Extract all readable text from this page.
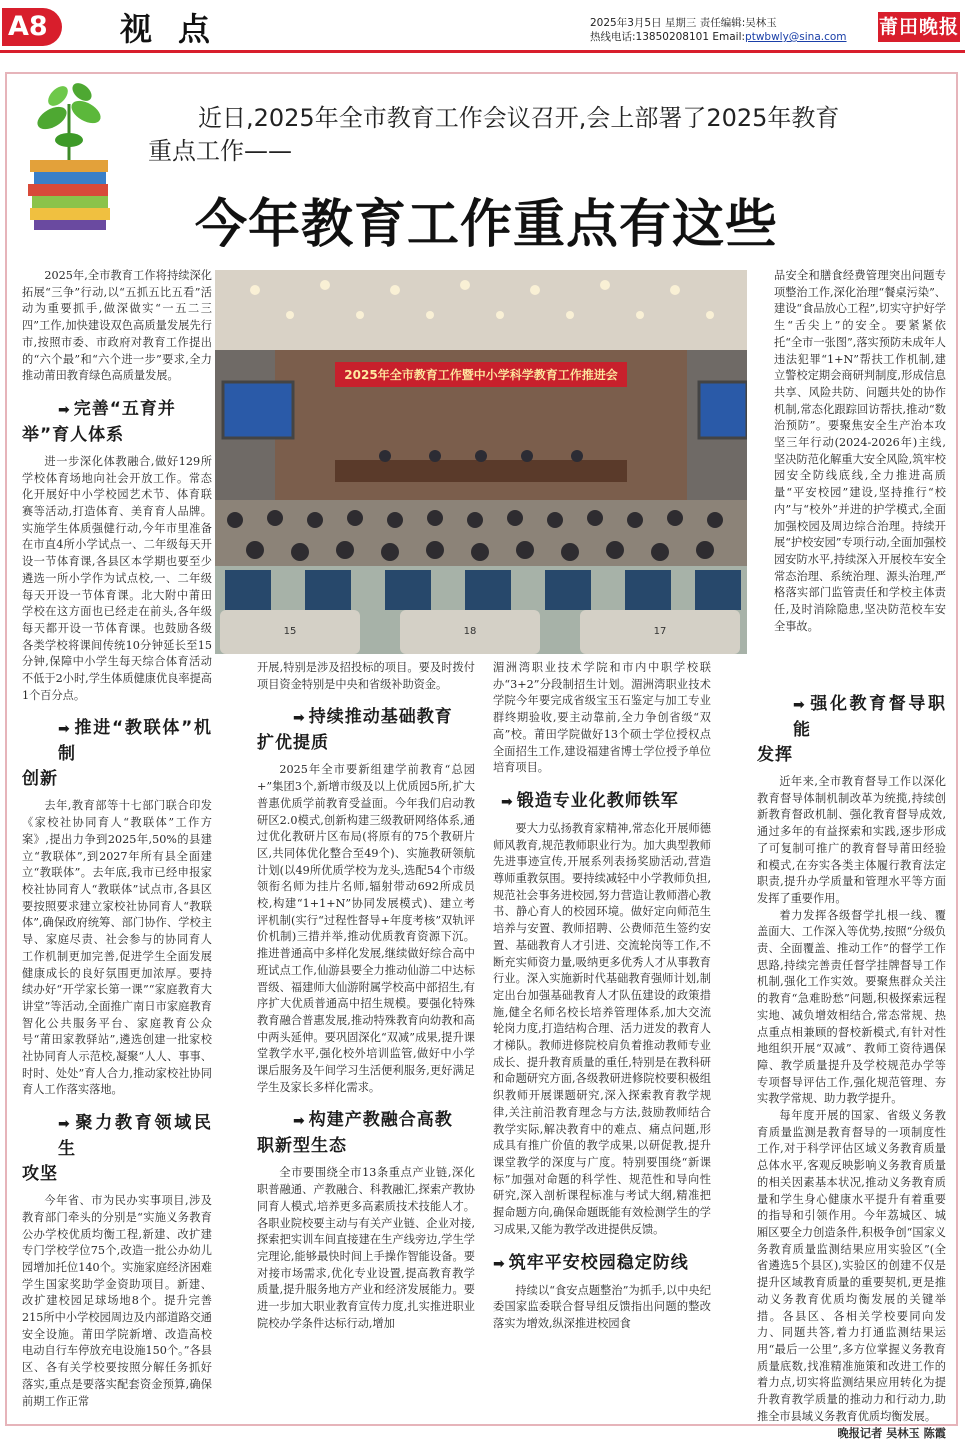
A8	视点	2025年3月5日 星期三 责任编辑:吴林玉
热线电话:13850208101 Email:ptwbwly@sina.com 莆田晚报
近日,2025年全市教育工作会议召开,会上部署了2025年教育重点工作——
今年教育工作重点有这些
2025年全市教育工作暨中小学科学教育工作推进会
15	18	17

2025年,全市教育工作将持续深化拓展“三争”行动,以“五抓五比五看”活动为重要抓手,做深做实“一五二三四”工作,加快建设双色高质量发展先行市,按照市委、市政府对教育工作提出的“六个最”和“六个进一步”要求,全力推动莆田教育绿色高质量发展。

➡ 完善“五育并
举”育人体系

进一步深化体教融合,做好129所学校体育场地向社会开放工作。常态化开展好中小学校园艺术节、体育联赛等活动,打造体育、美育育人品牌。实施学生体质强健行动,今年市里准备在市直4所小学试点一、二年级每天开设一节体育课,各县区本学期也要至少遴选一所小学作为试点校,一、二年级每天开设一节体育课。北大附中莆田学校在这方面也已经走在前头,各年级每天都开设一节体育课。也鼓励各级各类学校将课间传统10分钟延长至15分钟,保障中小学生每天综合体育活动不低于2小时,学生体质健康优良率提高1个百分点。

➡ 推进“教联体”机制
创新

去年,教育部等十七部门联合印发《家校社协同育人“教联体”工作方案》,提出力争到2025年,50%的县建立“教联体”,到2027年所有县全面建立“教联体”。去年底,我市已经申报家校社协同育人“教联体”试点市,各县区要按照要求建立家校社协同育人“教联体”,确保政府统筹、部门协作、学校主导、家庭尽责、社会参与的协同育人工作机制更加完善,促进学生全面发展健康成长的良好氛围更加浓厚。要持续办好“开学家长第一课”“家庭教育大讲堂”等活动,全面推广南日市家庭教育智化公共服务平台、家庭教育公众号“莆田家教驿站”,遴选创建一批家校社协同育人示范校,凝聚“人人、事事、时时、处处”育人合力,推动家校社协同育人工作落实落地。

➡ 聚力教育领域民生
攻坚

今年省、市为民办实事项目,涉及教育部门牵头的分别是“实施义务教育公办学校优质均衡工程,新建、改扩建专门学校学位75个,改造一批公办幼儿园增加托位140个。实施家庭经济困难学生国家奖助学金资助项目。新建、改扩建校园足球场地8个。提升完善215所中小学校园周边及内部道路交通安全设施。莆田学院新增、改造高校电动自行车停放充电设施150个。”各县区、各有关学校要按照分解任务抓好落实,重点是要落实配套资金预算,确保前期工作正常

开展,特别是涉及招投标的项目。要及时拨付项目资金特别是中央和省级补助资金。

➡ 持续推动基础教育
扩优提质

2025年全市要新组建学前教育“总园+”集团3个,新增市级及以上优质园5所,扩大普惠优质学前教育受益面。今年我们启动教研区2.0模式,创新构建三级教研网络体系,通过优化教研片区布局(将原有的75个教研片区,共同体优化整合至49个)、实施教研领航计划(以49所优质学校为龙头,选配54个市级领衔名师为挂片名师,辐射带动692所成员校,构建“1+1+N”协同发展模式)、建立考评机制(实行“过程性督导+年度考核”双轨评价机制)三措并举,推动优质教育资源下沉。推进普通高中多样化发展,继续做好综合高中班试点工作,仙游县要全力推动仙游二中达标晋级、福建师大仙游附属学校高中部招生,有序扩大优质普通高中招生规模。要强化特殊教育融合普惠发展,推动特殊教育向幼教和高中两头延伸。要巩固深化“双减”成果,提升课堂教学水平,强化校外培训监管,做好中小学课后服务及午间学习生活便利服务,更好满足学生及家长多样化需求。

➡ 构建产教融合高教
职新型生态

全市要围绕全市13条重点产业链,深化职普融通、产教融合、科教融汇,探索产教协同育人模式,培养更多高素质技术技能人才。各职业院校要主动与有关产业链、企业对接,探索把实训车间直接建在生产线旁边,学生学完理论,能够最快时间上手操作智能设备。要对接市场需求,优化专业设置,提高教育教学质量,提升服务地方产业和经济发展能力。要进一步加大职业教育宣传力度,扎实推进职业院校办学条件达标行动,增加

湄洲湾职业技术学院和市内中职学校联办“3+2”分段制招生计划。湄洲湾职业技术学院今年要完成省级宝玉石鉴定与加工专业群终期验收,要主动靠前,全力争创省级“双高”校。莆田学院做好13个硕士学位授权点全面招生工作,建设福建省博士学位授予单位培育项目。

➡ 锻造专业化教师铁军

要大力弘扬教育家精神,常态化开展师德师风教育,规范教师职业行为。加大典型教师先进事迹宣传,开展系列表扬奖励活动,营造尊师重教氛围。要持续减轻中小学教师负担,规范社会事务进校园,努力营造让教师潜心教书、静心育人的校园环境。做好定向师范生培养与安置、教师招聘、公费师范生签约安置、基础教育人才引进、交流轮岗等工作,不断充实师资力量,吸纳更多优秀人才从事教育行业。深入实施新时代基础教育强师计划,制定出台加强基础教育人才队伍建设的政策措施,健全名师名校长培养管理体系,加大交流轮岗力度,打造结构合理、活力迸发的教育人才梯队。教师进修院校肩负着推动教师专业成长、提升教育质量的重任,特别是在教科研和命题研究方面,各级教研进修院校要积极组织教师开展课题研究,深入探索教育教学规律,关注前沿教育理念与方法,鼓励教师结合教学实际,解决教育中的难点、痛点问题,形成具有推广价值的教学成果,以研促教,提升课堂教学的深度与广度。特别要围绕“新课标”加强对命题的科学性、规范性和导向性研究,深入剖析课程标准与考试大纲,精准把握命题方向,确保命题既能有效检测学生的学习成果,又能为教学改进提供反馈。

➡ 筑牢平安校园稳定防线

持续以“食安点题整治”为抓手,以中央纪委国家监委联合督导组反馈指出问题的整改落实为增效,纵深推进校园食

品安全和膳食经费管理突出问题专项整治工作,深化治理“餐桌污染”、建设“食品放心工程”,切实守护好学生“舌尖上”的安全。要紧紧依托“全市一张图”,落实预防未成年人违法犯罪“1+N”帮扶工作机制,建立警校定期会商研判制度,形成信息共享、风险共防、问题共处的协作机制,常态化跟踪回访帮扶,推动“数治预防”。要聚焦安全生产治本攻坚三年行动(2024-2026年)主线,坚决防范化解重大安全风险,筑牢校园安全防线底线,全力推进高质量“平安校园”建设,坚持推行“校内”与“校外”并进的护学模式,全面加强校园及周边综合治理。持续开展“护校安园”专项行动,全面加强校园安防水平,持续深入开展校车安全常态治理、系统治理、源头治理,严格落实部门监管责任和学校主体责任,及时消除隐患,坚决防范校车安全事故。

➡ 强化教育督导职能
发挥

近年来,全市教育督导工作以深化教育督导体制机制改革为统揽,持续创新教育督政机制、强化教育督导成效,通过多年的有益探索和实践,逐步形成了可复制可推广的教育督导莆田经验和模式,在夯实各类主体履行教育法定职责,提升办学质量和管理水平等方面发挥了重要作用。

着力发挥各级督学扎根一线、覆盖面大、工作深入等优势,按照“分级负责、全面覆盖、推动工作”的督学工作思路,持续完善责任督学挂牌督导工作机制,强化工作实效。要聚焦群众关注的教育“急难盼愁”问题,积极探索远程实地、减负增效相结合,常态常规、热点重点相兼顾的督校新模式,有针对性地组织开展“双减”、教师工资待遇保障、教学质量提升及学校规范办学等专项督导评估工作,强化规范管理、夯实教学常规、助力教学提升。

每年度开展的国家、省级义务教育质量监测是教育督导的一项制度性工作,对于科学评估区域义务教育质量总体水平,客观反映影响义务教育质量的相关因素基本状况,推动义务教育质量和学生身心健康水平提升有着重要的指导和引领作用。今年荔城区、城厢区要全力创造条件,积极争创“国家义务教育质量监测结果应用实验区”(全省遴选5个县区),实验区的创建不仅是提升区域教育质量的重要契机,更是推动义务教育优质均衡发展的关键举措。各县区、各相关学校要同向发力、同题共答,着力打通监测结果运用“最后一公里”,多方位掌握义务教育质量底数,找准精准施策和改进工作的着力点,切实将监测结果应用转化为提升教育教学质量的推动力和行动力,助推全市县域义务教育优质均衡发展。

晚报记者 吴林玉 陈霞
